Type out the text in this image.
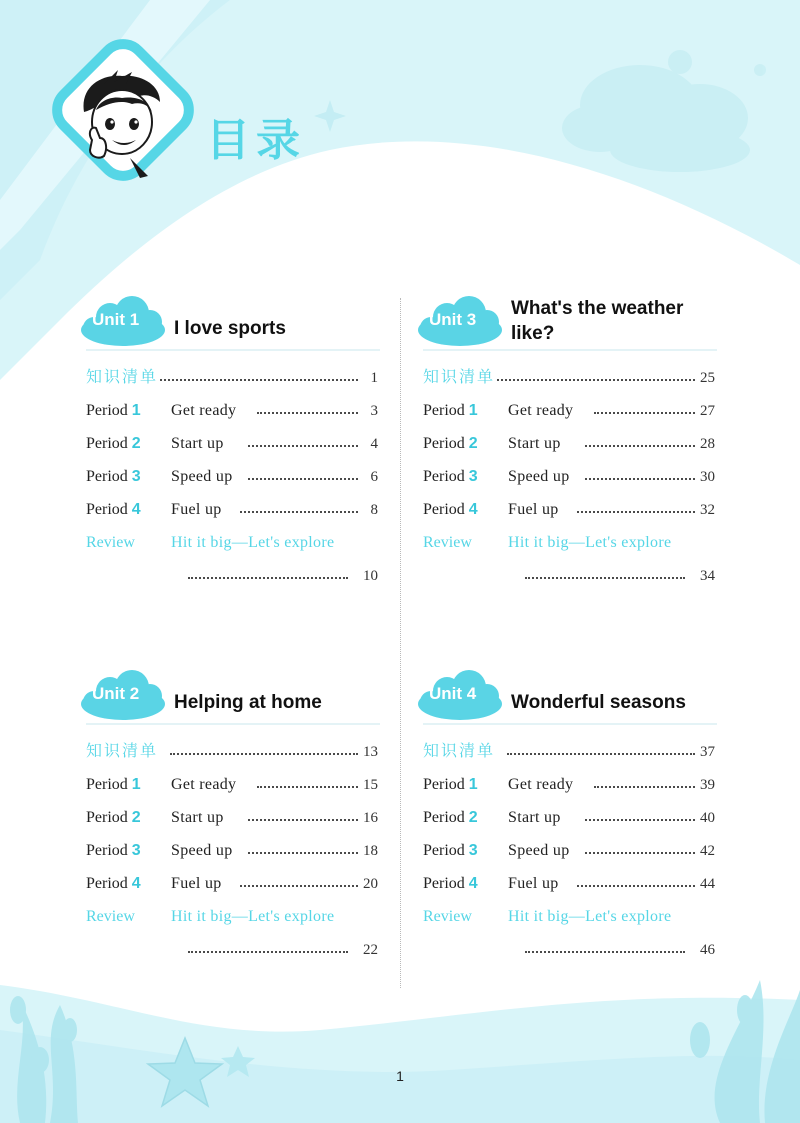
目录
Unit 1 I love sports
知识清单	1
Period 1 Get ready	3
Period 2 Start up	4
Period 3 Speed up	6
Period 4 Fuel up	8
Review Hit it big—Let's explore
10
Unit 2 Helping at home
知识清单	13
Period 1 Get ready	15
Period 2 Start up	16
Period 3 Speed up	18
Period 4 Fuel up	20
Review Hit it big—Let's explore
22
Unit 3
What's the weather
like?
知识清单	25
Period 1 Get ready	27
Period 2 Start up	28
Period 3 Speed up	30
Period 4 Fuel up	32
Review Hit it big—Let's explore
34
Unit 4 Wonderful seasons
知识清单	37
Period 1 Get ready	39
Period 2 Start up	40
Period 3 Speed up	42
Period 4 Fuel up	44
Review Hit it big—Let's explore
46
1
